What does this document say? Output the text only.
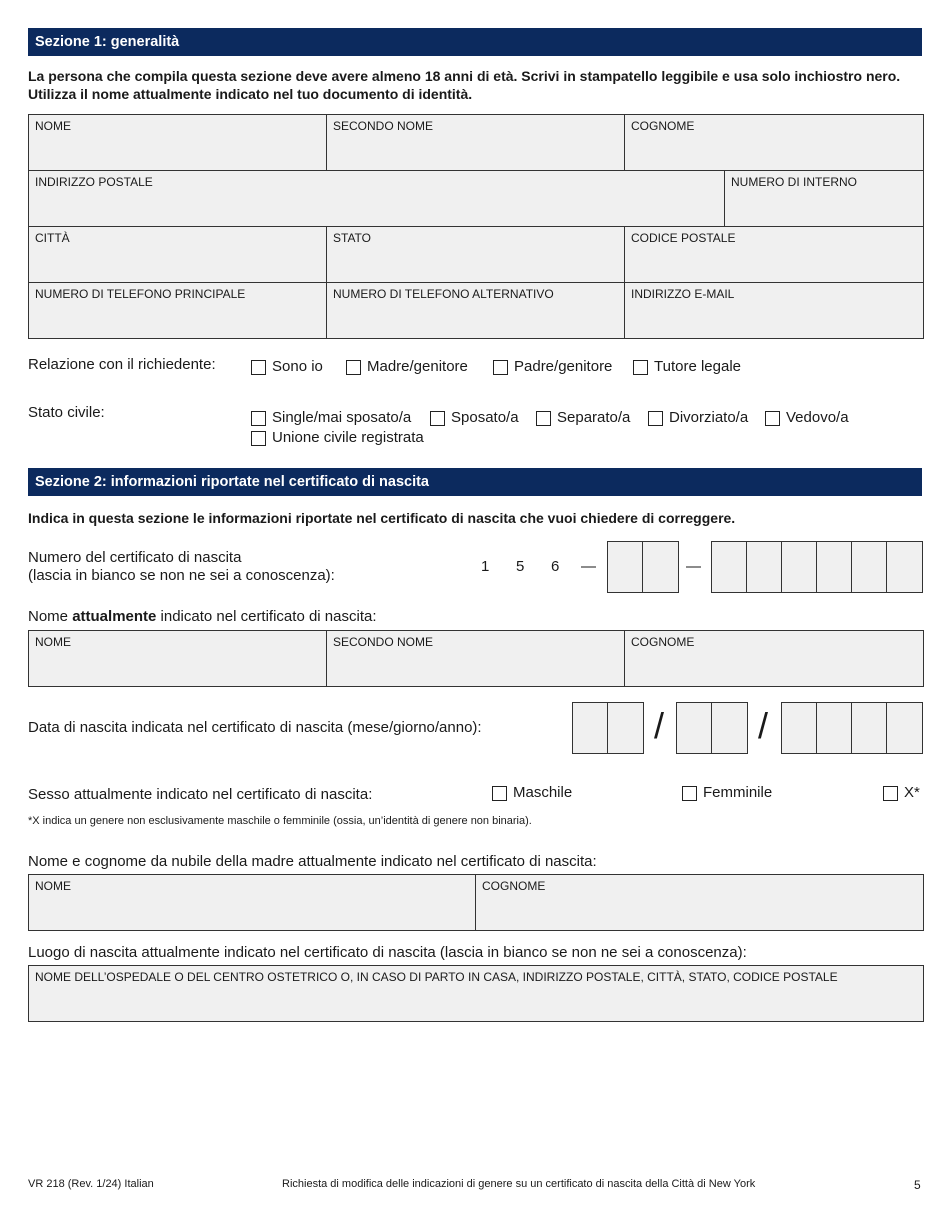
Sezione 1: generalità
La persona che compila questa sezione deve avere almeno 18 anni di età. Scrivi in stampatello leggibile e usa solo inchiostro nero. Utilizza il nome attualmente indicato nel tuo documento di identità.
NOME	SECONDO NOME	COGNOME
INDIRIZZO POSTALE	NUMERO DI INTERNO
CITTÀ	STATO	CODICE POSTALE
NUMERO DI TELEFONO PRINCIPALE	NUMERO DI TELEFONO ALTERNATIVO	INDIRIZZO E-MAIL
Relazione con il richiedente:	Sono io	Madre/genitore	Padre/genitore	Tutore legale
Stato civile:	Single/mai sposato/a	Sposato/a	Separato/a	Divorziato/a	Vedovo/a
Unione civile registrata
Sezione 2: informazioni riportate nel certificato di nascita
Indica in questa sezione le informazioni riportate nel certificato di nascita che vuoi chiedere di correggere.
Numero del certificato di nascita
(lascia in bianco se non ne sei a conoscenza):
1 5 6 —	—
Nome attualmente indicato nel certificato di nascita:
NOME	SECONDO NOME	COGNOME
Data di nascita indicata nel certificato di nascita (mese/giorno/anno):	/	/
Sesso attualmente indicato nel certificato di nascita:	Maschile	Femminile	X*
*X indica un genere non esclusivamente maschile o femminile (ossia, un’identità di genere non binaria).
Nome e cognome da nubile della madre attualmente indicato nel certificato di nascita:
NOME	COGNOME
Luogo di nascita attualmente indicato nel certificato di nascita (lascia in bianco se non ne sei a conoscenza):
NOME DELL’OSPEDALE O DEL CENTRO OSTETRICO O, IN CASO DI PARTO IN CASA, INDIRIZZO POSTALE, CITTÀ, STATO, CODICE POSTALE
VR 218 (Rev. 1/24) Italian	Richiesta di modifica delle indicazioni di genere su un certificato di nascita della Città di New York	5
